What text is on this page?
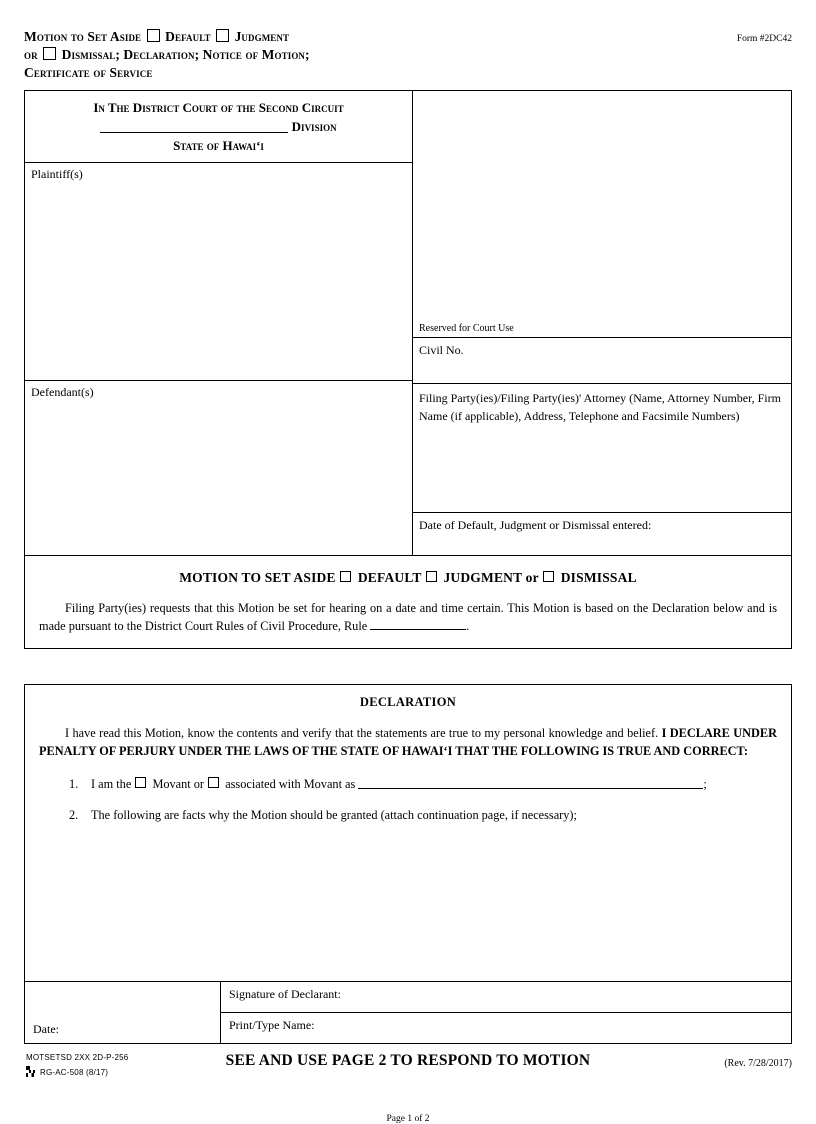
Motion to Set Aside Default Judgment
or Dismissal; Declaration; Notice of Motion;
Certificate of Service
Form #2DC42
In The District Court of the Second Circuit
Division
State of Hawaiʻi
Plaintiff(s)
Defendant(s)
Reserved for Court Use
Civil No.
Filing Party(ies)/Filing Party(ies)' Attorney (Name, Attorney Number, Firm Name (if applicable), Address, Telephone and Facsimile Numbers)
Date of Default, Judgment or Dismissal entered:
MOTION TO SET ASIDE DEFAULT JUDGMENT or DISMISSAL
Filing Party(ies) requests that this Motion be set for hearing on a date and time certain. This Motion is based on the Declaration below and is made pursuant to the District Court Rules of Civil Procedure, Rule	.
DECLARATION
I have read this Motion, know the contents and verify that the statements are true to my personal knowledge and belief. I DECLARE UNDER PENALTY OF PERJURY UNDER THE LAWS OF THE STATE OF HAWAIʻI THAT THE FOLLOWING IS TRUE AND CORRECT:
1. I am the Movant or associated with Movant as	;
2. The following are facts why the Motion should be granted (attach continuation page, if necessary);
Date:
Signature of Declarant:
Print/Type Name:
MOTSETSD 2XX 2D-P-256
RG-AC-508 (8/17)
SEE AND USE PAGE 2 TO RESPOND TO MOTION	(Rev. 7/28/2017)
Page 1 of 2
